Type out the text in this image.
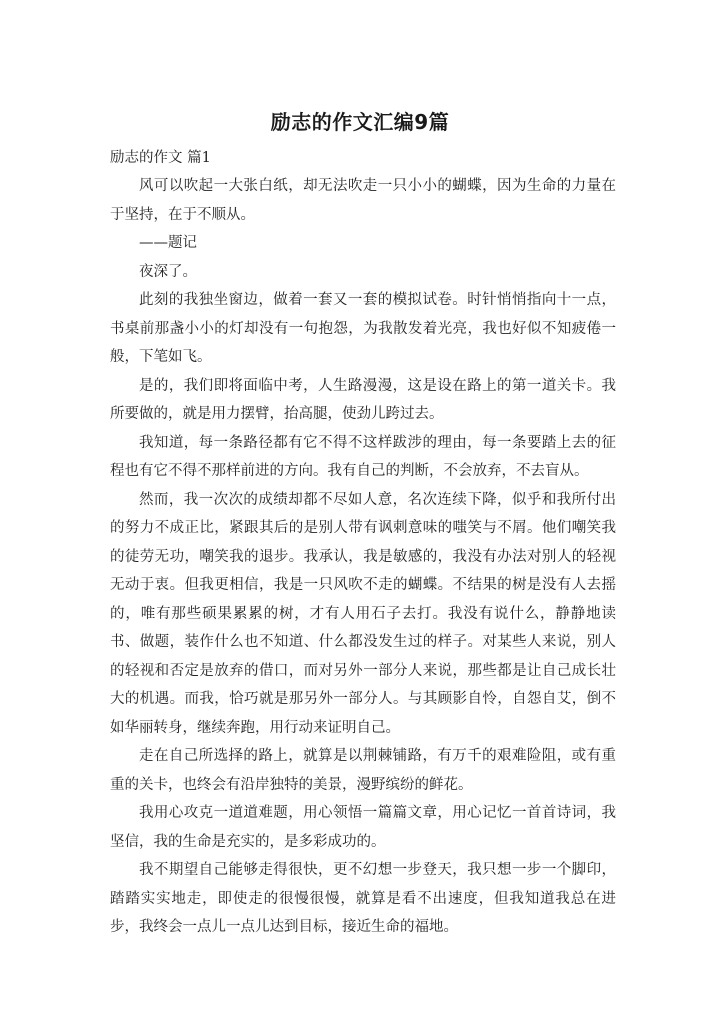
励志的作文汇编9篇
励志的作文 篇1

风可以吹起一大张白纸，却无法吹走一只小小的蝴蝶，因为生命的力量在于坚持，在于不顺从。

——题记

夜深了。

此刻的我独坐窗边，做着一套又一套的模拟试卷。时针悄悄指向十一点，书桌前那盏小小的灯却没有一句抱怨，为我散发着光亮，我也好似不知疲倦一般，下笔如飞。

是的，我们即将面临中考，人生路漫漫，这是设在路上的第一道关卡。我所要做的，就是用力摆臂，抬高腿，使劲儿跨过去。

我知道，每一条路径都有它不得不这样跋涉的理由，每一条要踏上去的征程也有它不得不那样前进的方向。我有自己的判断，不会放弃，不去盲从。

然而，我一次次的成绩却都不尽如人意，名次连续下降，似乎和我所付出的努力不成正比，紧跟其后的是别人带有讽刺意味的嗤笑与不屑。他们嘲笑我的徒劳无功，嘲笑我的退步。我承认，我是敏感的，我没有办法对别人的轻视无动于衷。但我更相信，我是一只风吹不走的蝴蝶。不结果的树是没有人去摇的，唯有那些硕果累累的树，才有人用石子去打。我没有说什么，静静地读书、做题，装作什么也不知道、什么都没发生过的样子。对某些人来说，别人的轻视和否定是放弃的借口，而对另外一部分人来说，那些都是让自己成长壮大的机遇。而我，恰巧就是那另外一部分人。与其顾影自怜，自怨自艾，倒不如华丽转身，继续奔跑，用行动来证明自己。

走在自己所选择的路上，就算是以荆棘铺路，有万千的艰难险阻，或有重重的关卡，也终会有沿岸独特的美景，漫野缤纷的鲜花。

我用心攻克一道道难题，用心领悟一篇篇文章，用心记忆一首首诗词，我坚信，我的生命是充实的，是多彩成功的。

我不期望自己能够走得很快，更不幻想一步登天，我只想一步一个脚印，踏踏实实地走，即使走的很慢很慢，就算是看不出速度，但我知道我总在进步，我终会一点儿一点儿达到目标，接近生命的福地。
